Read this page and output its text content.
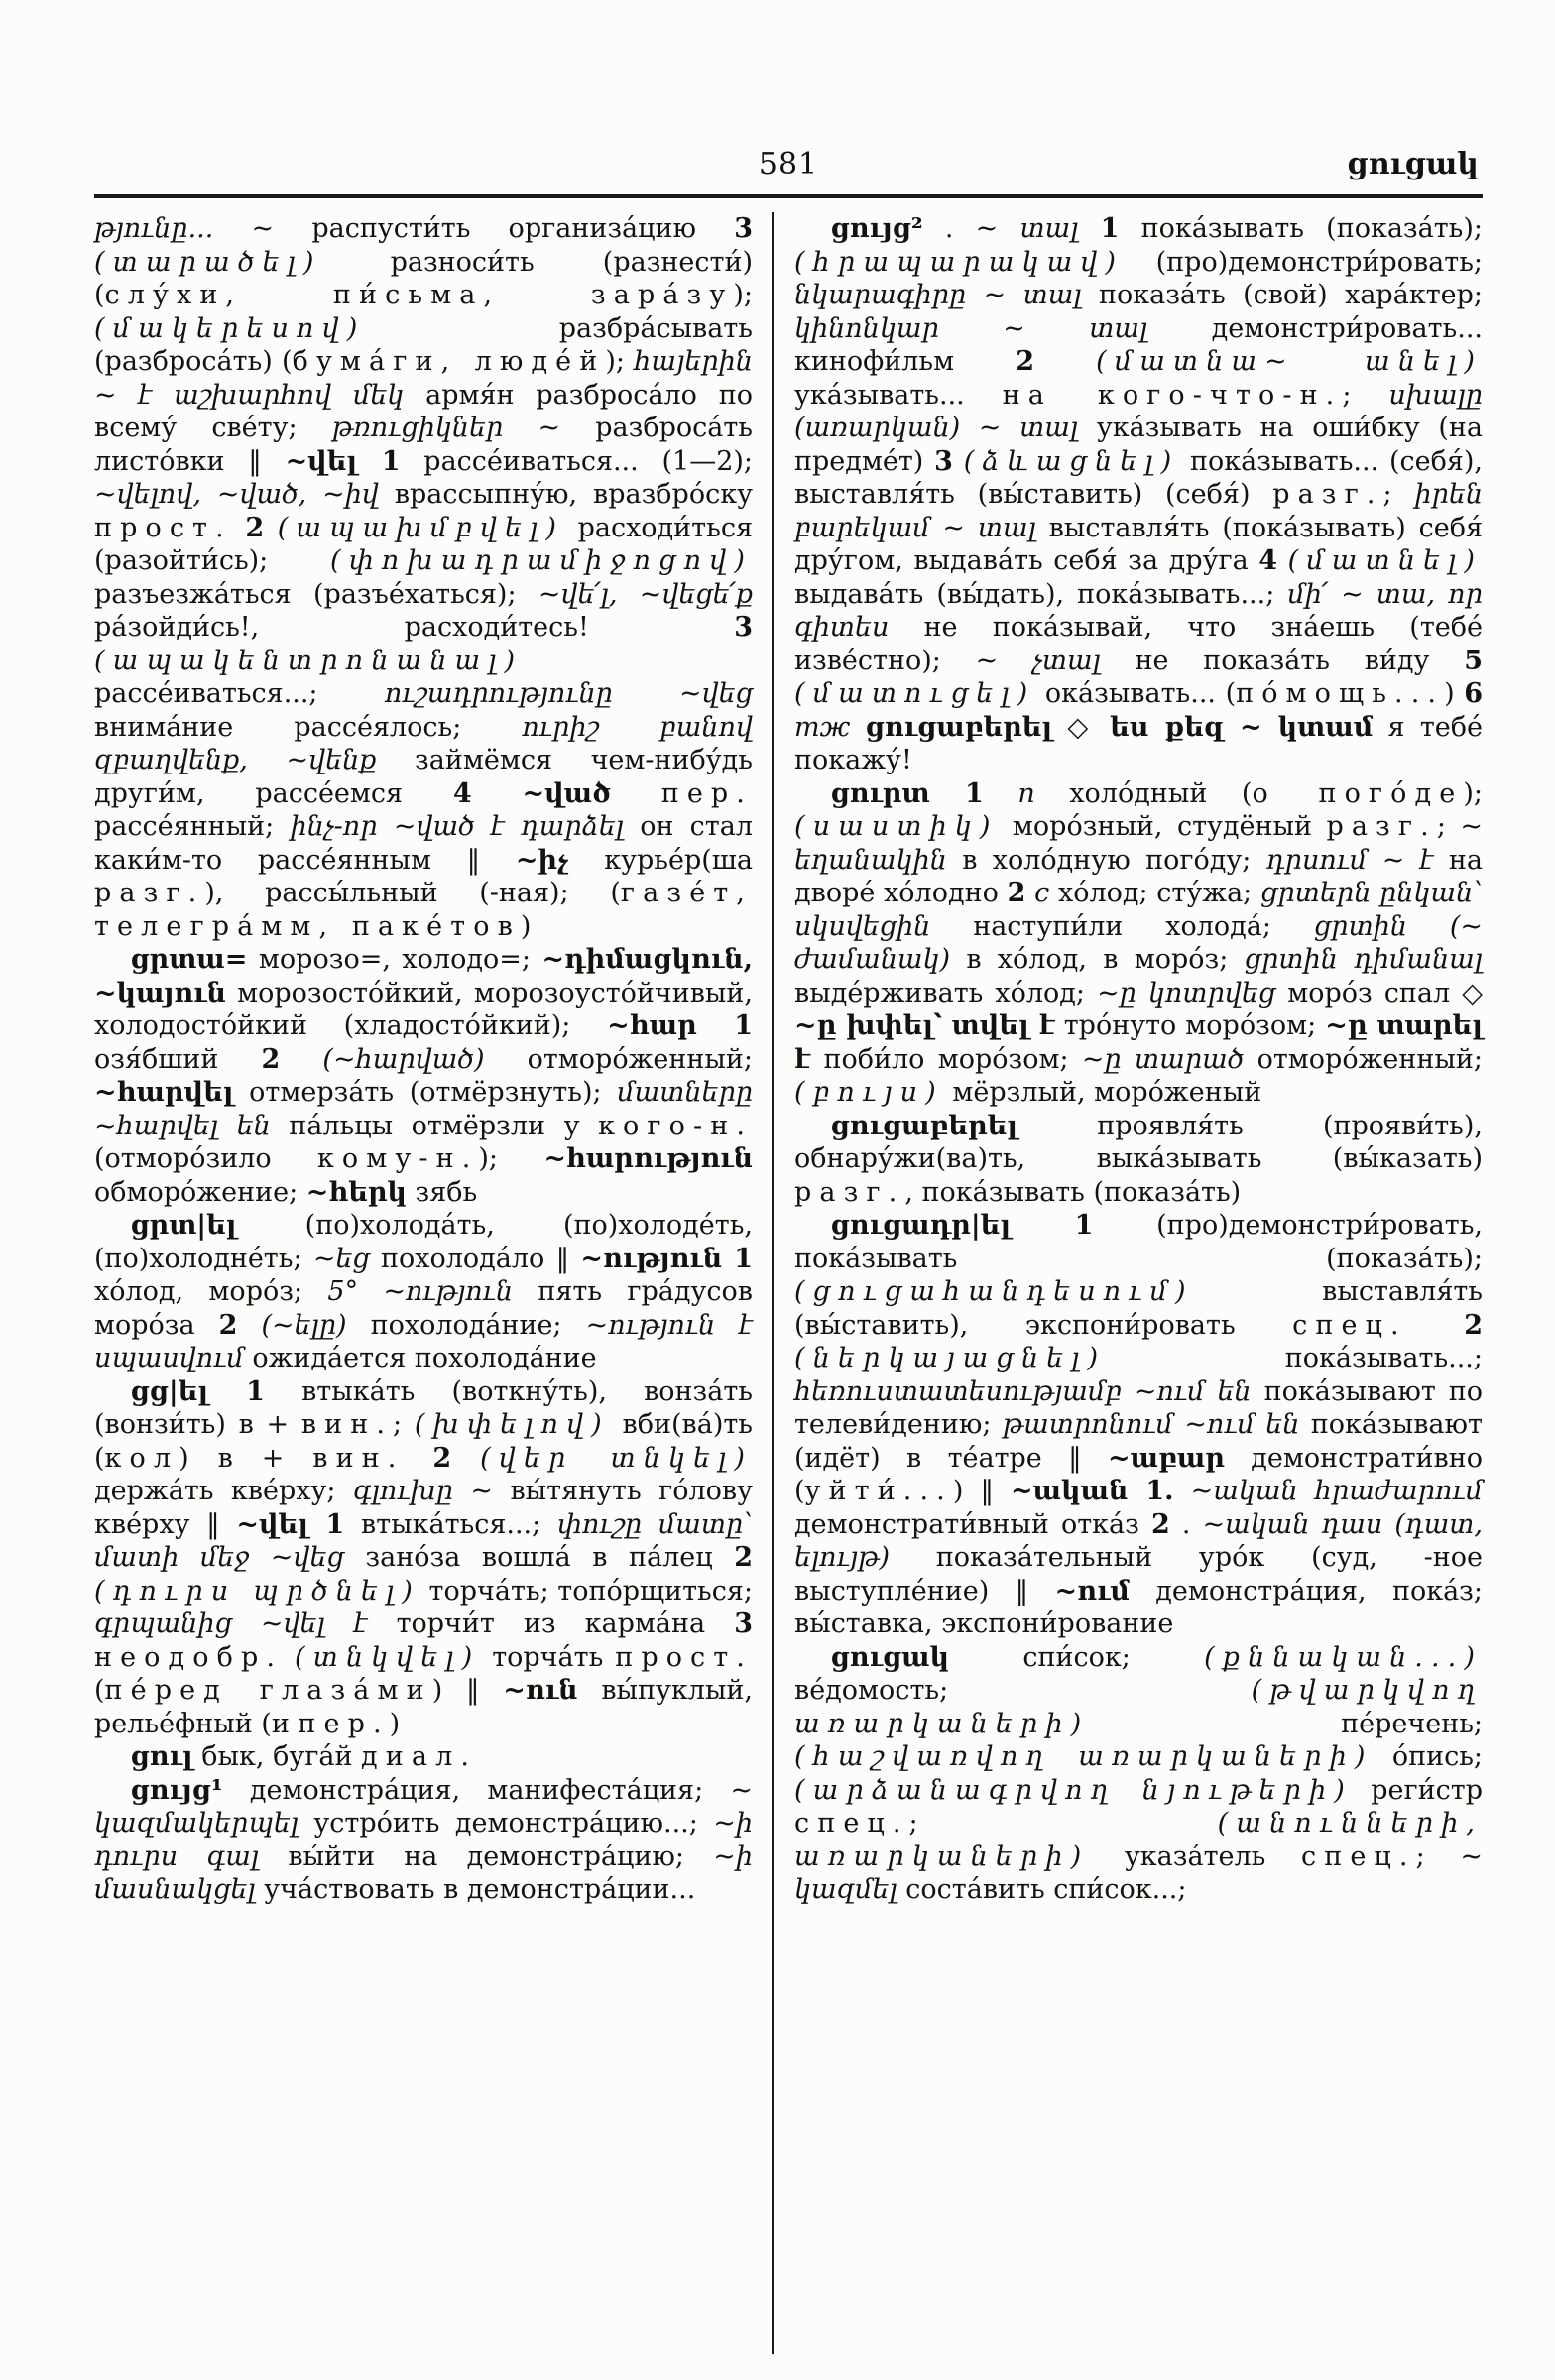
581	ցուցակ

թյունը... ~ распусти́ть организа́цию 3 (տարածել) разноси́ть (разнести́) (слу́хи, пи́сьма, зара́зу); (մակերեսով) разбра́сывать (разброса́ть) (бума́ги, люде́й); հայերին ~ է աշխարհով մեկ армя́н разброса́ло по всему́ све́ту; թռուցիկներ ~ разброса́ть листо́вки ‖ ~վել 1 рассе́иваться... (1—2); ~վելով, ~ված, ~իվ врассыпну́ю, вразбро́ску прост. 2 (ապախմբվել) расходи́ться (разойти́сь); (փոխադրամիջոցով) разъезжа́ться (разъе́хаться); ~վե՛լ, ~վեցե՛ք ра́зойди́сь!, расходи́тесь! 3 (ապակենտրոնանալ) рассе́иваться...; ուշադրությունը ~վեց внима́ние рассе́ялось; ուրիշ բանով զբաղվենք, ~վենք займёмся чем-нибу́дь други́м, рассе́емся 4 ~ված пер. рассе́янный; ինչ-որ ~ված է դարձել он стал каки́м-то рассе́янным ‖ ~իչ курье́р(ша разг.), рассы́льный (-ная); (газе́т, телегра́мм, паке́тов)

ցրտա= морозо=, холодо=; ~դիմացկուն, ~կայուն морозосто́йкий, морозоусто́йчивый, холодосто́йкий (хладосто́йкий); ~հար 1 озя́бший 2 (~հարված) отморо́женный; ~հարվել отмерза́ть (отмёрзнуть); մատները ~հարվել են па́льцы отмёрзли у кого-н. (отморо́зило кому-н.); ~հարություն обморо́жение; ~հերկ зябь

ցրտ|ել (по)холода́ть, (по)холоде́ть, (по)холодне́ть; ~եց похолода́ло ‖ ~ություն 1 хо́лод, моро́з; 5° ~ություն пять гра́дусов моро́за 2 (~ելը) похолода́ние; ~ություն է սպասվում ожида́ется похолода́ние

ցց|ել 1 втыка́ть (воткну́ть), вонза́ть (вонзи́ть) в + вин.; (խփելով) вби(ва́)ть (кол) в + вин. 2 (վեր տնկել) держа́ть кве́рху; գլուխը ~ вы́тянуть го́лову кве́рху ‖ ~վել 1 втыка́ться...; փուշը մատը՝ մատի մեջ ~վեց зано́за вошла́ в па́лец 2 (դուրս պրծնել) торча́ть; топо́рщиться; գրպանից ~վել է торчи́т из карма́на 3 неодобр. (տնկվել) торча́ть прост. (пе́ред глаза́ми) ‖ ~ուն вы́пуклый, релье́фный (и пер.)

ցուլ бык, буга́й диал.

ցույց¹ демонстра́ция, манифеста́ция; ~ կազմակերպել устро́ить демонстра́цию...; ~ի դուրս գալ вы́йти на демонстра́цию; ~ի մասնակցել уча́ствовать в демонстра́ции...

ցույց² . ~ տալ 1 пока́зывать (показа́ть); (հրապարակավ) (про)демонстри́ровать; նկարագիրը ~ տալ показа́ть (свой) хара́ктер; կինոնկար ~ տալ демонстри́ровать... кинофи́льм 2 (մատնա~ անել) ука́зывать... на кого-что-н.; սխալը (առարկան) ~ տալ ука́зывать на оши́бку (на предме́т) 3 (ձևացնել) пока́зывать... (себя́), выставля́ть (вы́ставить) (себя́) разг.; իրեն բարեկամ ~ տալ выставля́ть (пока́зывать) себя́ дру́гом, выдава́ть себя́ за дру́га 4 (մատնել) выдава́ть (вы́дать), пока́зывать...; մի՛ ~ տա, որ գիտես не пока́зывай, что зна́ешь (тебе́ изве́стно); ~ չտալ не показа́ть ви́ду 5 (մատուցել) ока́зывать... (по́мощь...) 6 тж ցուցաբերել ◇ ես քեզ ~ կտամ я тебе́ покажу́!

ցուրտ 1 п холо́дный (о пого́де); (սաստիկ) моро́зный, студёный разг.; ~ եղանակին в холо́дную пого́ду; դրսում ~ է на дворе́ хо́лодно 2 с хо́лод; сту́жа; ցրտերն ընկան՝ սկսվեցին наступи́ли холода́; ցրտին (~ ժամանակ) в хо́лод, в моро́з; ցրտին դիմանալ выде́рживать хо́лод; ~ը կոտրվեց моро́з спал ◇ ~ը խփել՝ տվել է тро́нуто моро́зом; ~ը տարել է поби́ло моро́зом; ~ը տարած отморо́женный; (բույս) мёрзлый, моро́женый

ցուցաբերել проявля́ть (прояви́ть), обнару́жи(ва)ть, выка́зывать (вы́казать) разг., пока́зывать (показа́ть)

ցուցադր|ել 1 (про)демонстри́ровать, пока́зывать (показа́ть); (ցուցահանդեսում) выставля́ть (вы́ставить), экспони́ровать спец. 2 (ներկայացնել) пока́зывать...; հեռուստատեսությամբ ~ում են пока́зывают по телеви́дению; թատրոնում ~ում են пока́зывают (идёт) в те́атре ‖ ~աբար демонстрати́вно (уйти́...) ‖ ~ական 1. ~ական հրաժարում демонстрати́вный отка́з 2 . ~ական դաս (դատ, ելույթ) показа́тельный уро́к (суд, -ное выступле́ние) ‖ ~ում демонстра́ция, пока́з; вы́ставка, экспони́рование

ցուցակ спи́сок; (քննական...) ве́домость; (թվարկվող առարկաների) пе́речень; (հաշվառվող առարկաների) о́пись; (արձանագրվող նյութերի) реги́стр спец.; (անունների, առարկաների) указа́тель спец.; ~ կազմել соста́вить спи́сок...;
